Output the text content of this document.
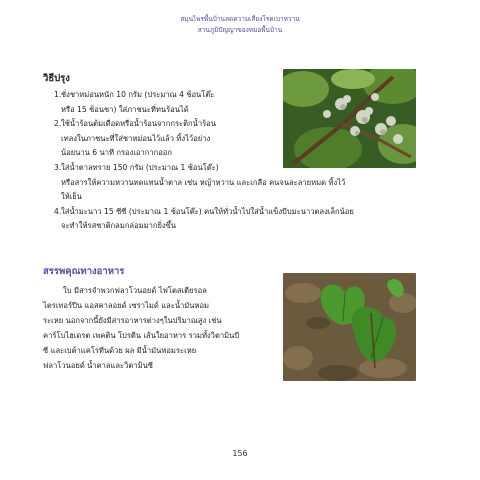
สมุนไพรพื้นบ้านลดความเสี่ยงโรคเบาหวาน
สานภูมิปัญญาของหมอพื้นบ้าน
วิธีปรุง
1. ชั่งชาหม่อนหนัก 10 กรัม (ประมาณ 4 ช้อนโต๊ะ
หรือ 15 ช้อนชา) ใส่ภาชนะที่ทนร้อนได้
2. ใช้น้ำร้อนต้มเดือดหรือน้ำร้อนจากกระติกน้ำร้อน
เทลงในภาชนะที่ใส่ชาหม่อนไว้แล้ว ทิ้งไว้อย่าง
น้อยนาน 6 นาที กรองเอากากออก
3. ใส่น้ำตาลทราย 150 กรัม (ประมาณ 1 ช้อนโต๊ะ)
หรือสารให้ความหวานทดแทนน้ำตาล เช่น หญ้าหวาน และเกลือ คนจนละลายหมด ทิ้งไว้
ให้เย็น
4. ใส่น้ำมะนาว 15 ซีซี (ประมาณ 1 ช้อนโต๊ะ) คนให้ทั่วน้ำไปใส่น้ำแข็งบีบมะนาวตลงเล็กน้อย
จะทำให้รสชาติกลมกล่อมมากยิ่งขึ้น
สรรพคุณทางอาหาร
ใบ มีสารจำพวกฟลาโวนอยด์ ไฟโตสเตียรอล
ไตรเทอร์ปีน แอสคาลอยด์ เซราไมด์ และน้ำมันหอม
ระเหย นอกจากนี้ยังมีสารอาหารต่างๆในปริมาณสูง เช่น
คาร์โบไฮเดรต เพคติน โปรตีน เส้นใยอาหาร รวมทั้งวิตามินบี
ซี และเบต้าแคโรทีนด้วย ผล มีน้ำมันหอมระเหย
ฟลาโวนอยด์ น้ำตาลและวิตามินซี
156
